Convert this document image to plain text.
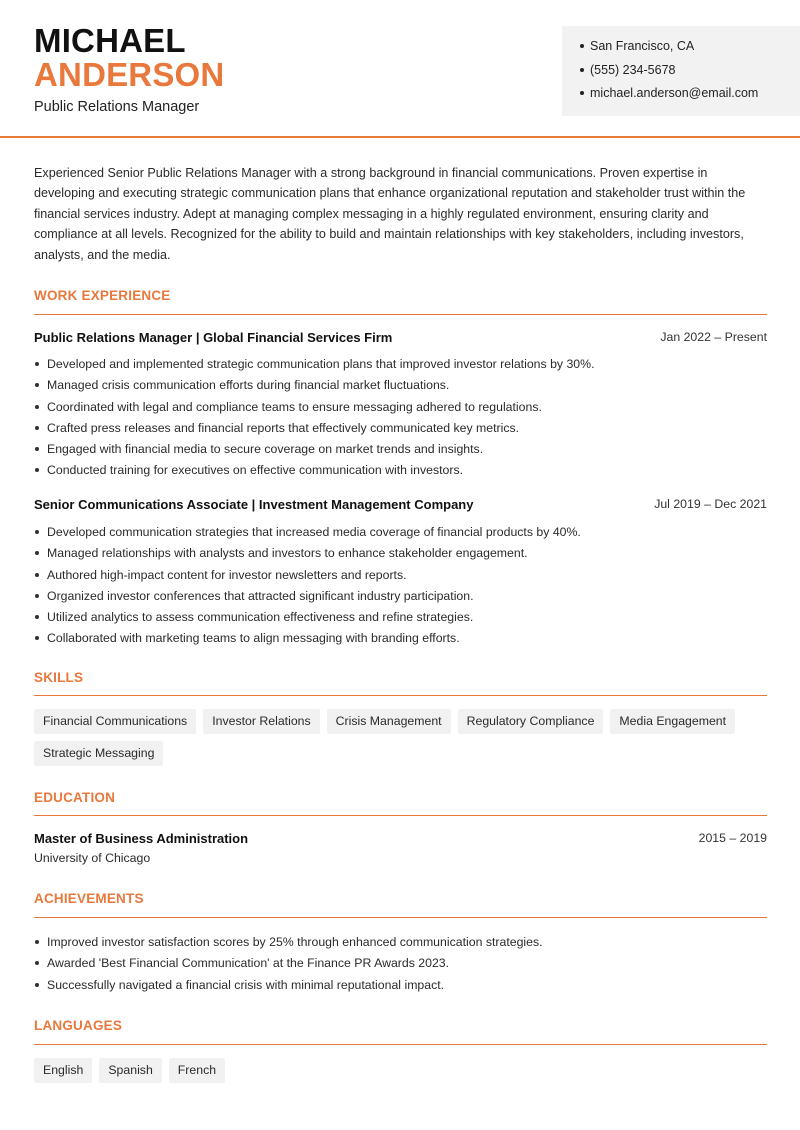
MICHAEL
ANDERSON
Public Relations Manager
San Francisco, CA
(555) 234-5678
michael.anderson@email.com

Experienced Senior Public Relations Manager with a strong background in financial communications. Proven expertise in developing and executing strategic communication plans that enhance organizational reputation and stakeholder trust within the financial services industry. Adept at managing complex messaging in a highly regulated environment, ensuring clarity and compliance at all levels. Recognized for the ability to build and maintain relationships with key stakeholders, including investors, analysts, and the media.

WORK EXPERIENCE
Public Relations Manager | Global Financial Services Firm	Jan 2022 – Present
Developed and implemented strategic communication plans that improved investor relations by 30%.
Managed crisis communication efforts during financial market fluctuations.
Coordinated with legal and compliance teams to ensure messaging adhered to regulations.
Crafted press releases and financial reports that effectively communicated key metrics.
Engaged with financial media to secure coverage on market trends and insights.
Conducted training for executives on effective communication with investors.
Senior Communications Associate | Investment Management Company	Jul 2019 – Dec 2021
Developed communication strategies that increased media coverage of financial products by 40%.
Managed relationships with analysts and investors to enhance stakeholder engagement.
Authored high-impact content for investor newsletters and reports.
Organized investor conferences that attracted significant industry participation.
Utilized analytics to assess communication effectiveness and refine strategies.
Collaborated with marketing teams to align messaging with branding efforts.
SKILLS
Financial Communications	Investor Relations	Crisis Management	Regulatory Compliance	Media Engagement
Strategic Messaging
EDUCATION
Master of Business Administration	2015 – 2019
University of Chicago
ACHIEVEMENTS
Improved investor satisfaction scores by 25% through enhanced communication strategies.
Awarded 'Best Financial Communication' at the Finance PR Awards 2023.
Successfully navigated a financial crisis with minimal reputational impact.
LANGUAGES
English	Spanish	French
